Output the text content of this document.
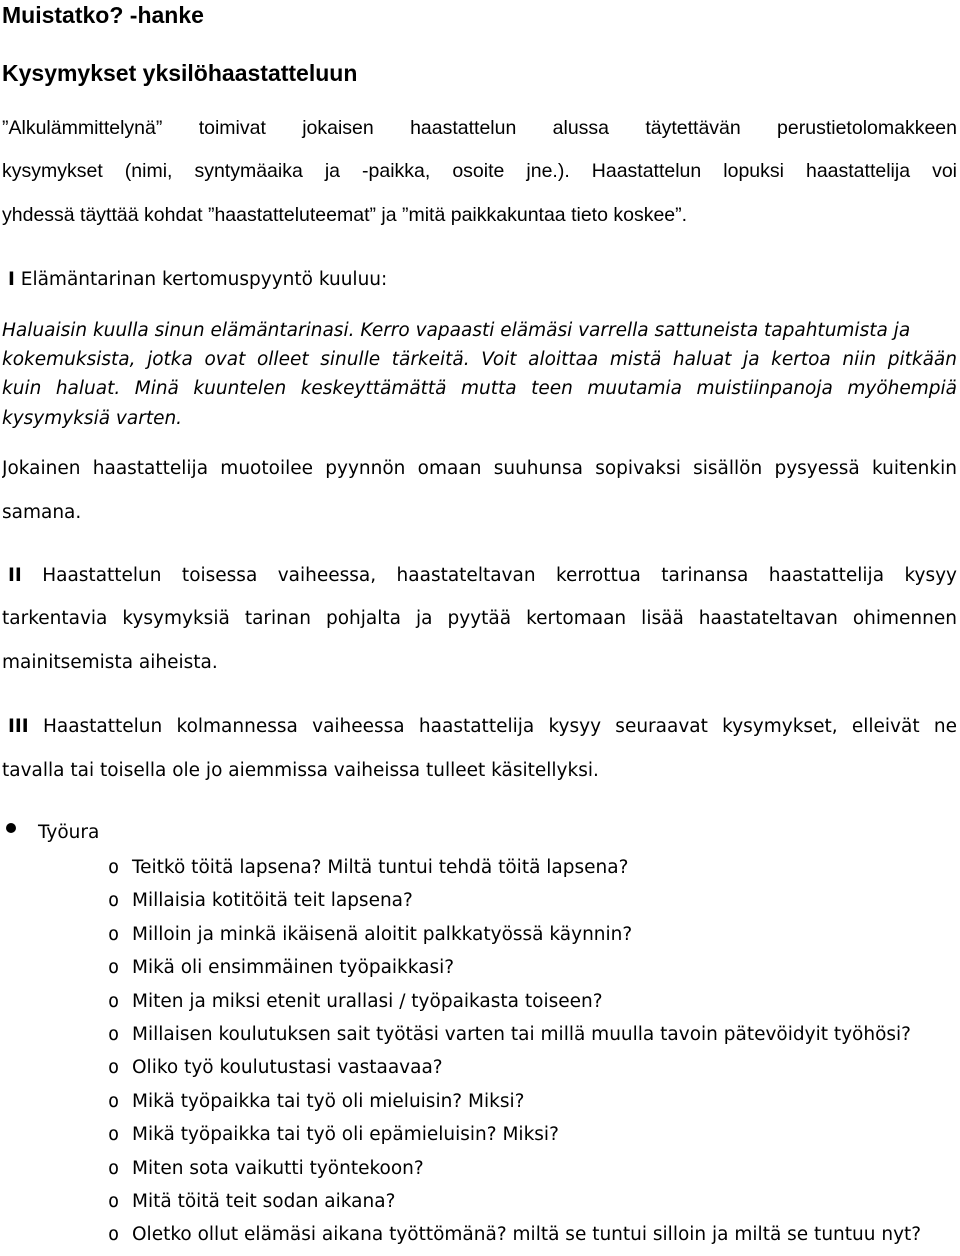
Muistatko? -hanke
Kysymykset yksilöhaastatteluun
”Alkulämmittelynä” toimivat jokaisen haastattelun alussa täytettävän perustietolomakkeen
kysymykset (nimi, syntymäaika ja -paikka, osoite jne.). Haastattelun lopuksi haastattelija voi
yhdessä täyttää kohdat ”haastatteluteemat” ja ”mitä paikkakuntaa tieto koskee”.
I Elämäntarinan kertomuspyyntö kuuluu:
Haluaisin kuulla sinun elämäntarinasi. Kerro vapaasti elämäsi varrella sattuneista tapahtumista ja
kokemuksista, jotka ovat olleet sinulle tärkeitä. Voit aloittaa mistä haluat ja kertoa niin pitkään
kuin haluat. Minä kuuntelen keskeyttämättä mutta teen muutamia muistiinpanoja myöhempiä
kysymyksiä varten.
Jokainen haastattelija muotoilee pyynnön omaan suuhunsa sopivaksi sisällön pysyessä kuitenkin
samana.
II Haastattelun toisessa vaiheessa, haastateltavan kerrottua tarinansa haastattelija kysyy
tarkentavia kysymyksiä tarinan pohjalta ja pyytää kertomaan lisää haastateltavan ohimennen
mainitsemista aiheista.
III Haastattelun kolmannessa vaiheessa haastattelija kysyy seuraavat kysymykset, elleivät ne
tavalla tai toisella ole jo aiemmissa vaiheissa tulleet käsitellyksi.
Työura
o Teitkö töitä lapsena? Miltä tuntui tehdä töitä lapsena?
o Millaisia kotitöitä teit lapsena?
o Milloin ja minkä ikäisenä aloitit palkkatyössä käynnin?
o Mikä oli ensimmäinen työpaikkasi?
o Miten ja miksi etenit urallasi / työpaikasta toiseen?
o Millaisen koulutuksen sait työtäsi varten tai millä muulla tavoin pätevöidyit työhösi?
o Oliko työ koulutustasi vastaavaa?
o Mikä työpaikka tai työ oli mieluisin? Miksi?
o Mikä työpaikka tai työ oli epämieluisin? Miksi?
o Miten sota vaikutti työntekoon?
o Mitä töitä teit sodan aikana?
o Oletko ollut elämäsi aikana työttömänä? miltä se tuntui silloin ja miltä se tuntuu nyt?
